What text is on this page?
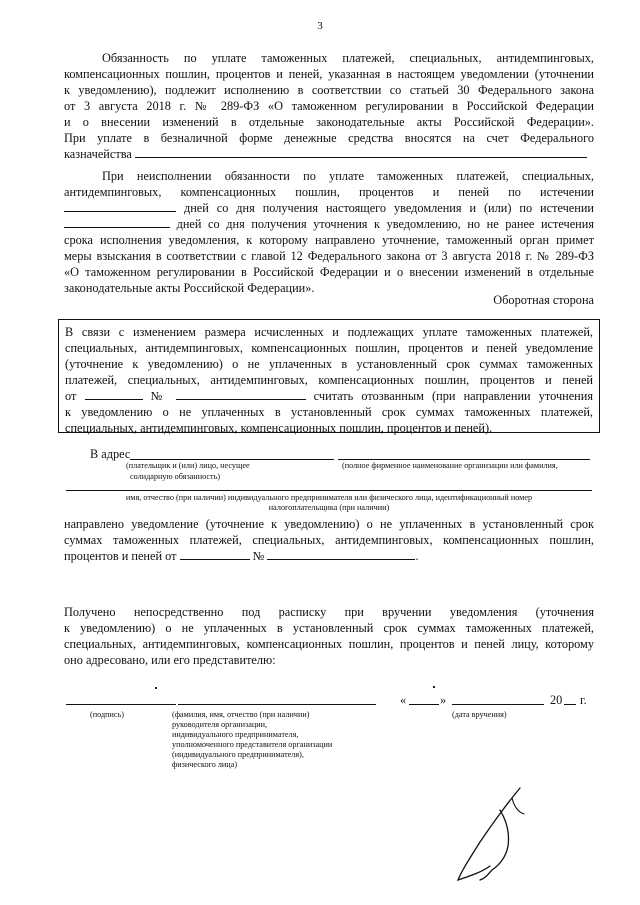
3
Обязанность по уплате таможенных платежей, специальных, антидемпинговых,
компенсационных пошлин, процентов и пеней, указанная в настоящем уведомлении (уточнении
к уведомлению), подлежит исполнению в соответствии со статьей 30 Федерального закона
от 3 августа 2018 г. № 289-ФЗ «О таможенном регулировании в Российской Федерации
и о внесении изменений в отдельные законодательные акты Российской Федерации».
При уплате в безналичной форме денежные средства вносятся на счет Федерального
казначейства
При неисполнении обязанности по уплате таможенных платежей, специальных,
антидемпинговых, компенсационных пошлин, процентов и пеней по истечении
дней со дня получения настоящего уведомления и (или) по истечении
дней со дня получения уточнения к уведомлению, но не ранее истечения
срока исполнения уведомления, к которому направлено уточнение, таможенный орган примет
меры взыскания в соответствии с главой 12 Федерального закона от 3 августа 2018 г. № 289-ФЗ
«О таможенном регулировании в Российской Федерации и о внесении изменений в отдельные
законодательные акты Российской Федерации».
Оборотная сторона
В связи с изменением размера исчисленных и подлежащих уплате таможенных платежей,
специальных, антидемпинговых, компенсационных пошлин, процентов и пеней уведомление
(уточнение к уведомлению) о не уплаченных в установленный срок суммах таможенных
платежей, специальных, антидемпинговых, компенсационных пошлин, процентов и пеней
от	№	считать отозванным (при направлении уточнения
к уведомлению о не уплаченных в установленный срок суммах таможенных платежей,
специальных, антидемпинговых, компенсационных пошлин, процентов и пеней).
В адрес
(плательщик и (или) лицо, несущее
солидарную обязанность)
(полное фирменное наименование организации или фамилия,
имя, отчество (при наличии) индивидуального предпринимателя или физического лица, идентификационный номер
налогоплательщика (при наличии)
направлено уведомление (уточнение к уведомлению) о не уплаченных в установленный срок
суммах таможенных платежей, специальных, антидемпинговых, компенсационных пошлин,
процентов и пеней от	№	.
Получено непосредственно под расписку при вручении уведомления (уточнения
к уведомлению) о не уплаченных в установленный срок суммах таможенных платежей,
специальных, антидемпинговых, компенсационных пошлин, процентов и пеней лицу, которому
оно адресовано, или его представителю:
«	»	20 г.
(подпись)	(фамилия, имя, отчество (при наличии)
руководителя организации,
индивидуального предпринимателя,
уполномоченного представителя организации
(индивидуального предпринимателя),
физического лица)
(дата вручения)
